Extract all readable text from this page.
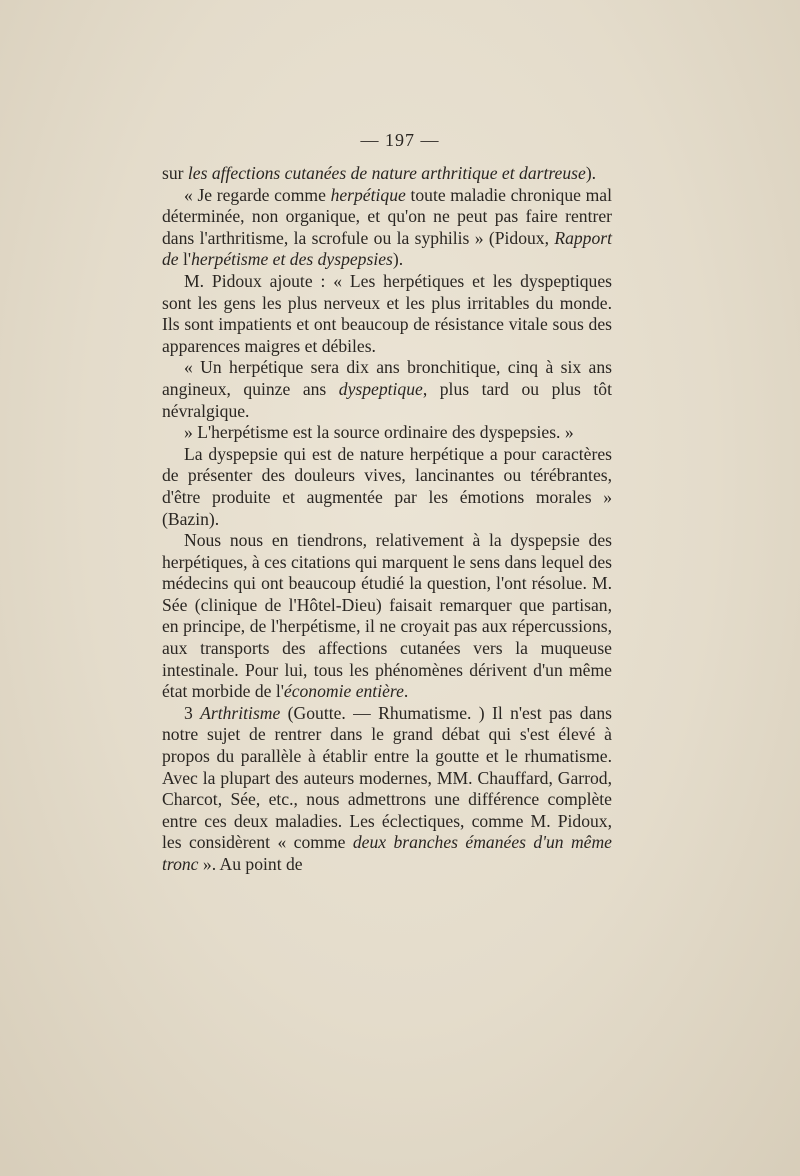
— 197 —

sur les affections cutanées de nature arthritique et dartreuse).

« Je regarde comme herpétique toute maladie chronique mal déterminée, non organique, et qu'on ne peut pas faire rentrer dans l'arthritisme, la scrofule ou la syphilis » (Pidoux, Rapport de l'herpétisme et des dyspepsies).

M. Pidoux ajoute : « Les herpétiques et les dyspeptiques sont les gens les plus nerveux et les plus irritables du monde. Ils sont impatients et ont beaucoup de résistance vitale sous des apparences maigres et débiles.

« Un herpétique sera dix ans bronchitique, cinq à six ans angineux, quinze ans dyspeptique, plus tard ou plus tôt névralgique.

» L'herpétisme est la source ordinaire des dyspepsies. »

La dyspepsie qui est de nature herpétique a pour caractères de présenter des douleurs vives, lancinantes ou térébrantes, d'être produite et augmentée par les émotions morales » (Bazin).

Nous nous en tiendrons, relativement à la dyspepsie des herpétiques, à ces citations qui marquent le sens dans lequel des médecins qui ont beaucoup étudié la question, l'ont résolue. M. Sée (clinique de l'Hôtel-Dieu) faisait remarquer que partisan, en principe, de l'herpétisme, il ne croyait pas aux répercussions, aux transports des affections cutanées vers la muqueuse intestinale. Pour lui, tous les phénomènes dérivent d'un même état morbide de l'économie entière.

3 Arthritisme (Goutte. — Rhumatisme. ) Il n'est pas dans notre sujet de rentrer dans le grand débat qui s'est élevé à propos du parallèle à établir entre la goutte et le rhumatisme. Avec la plupart des auteurs modernes, MM. Chauffard, Garrod, Charcot, Sée, etc., nous admettrons une différence complète entre ces deux maladies. Les éclectiques, comme M. Pidoux, les considèrent « comme deux branches émanées d'un même tronc ». Au point de
